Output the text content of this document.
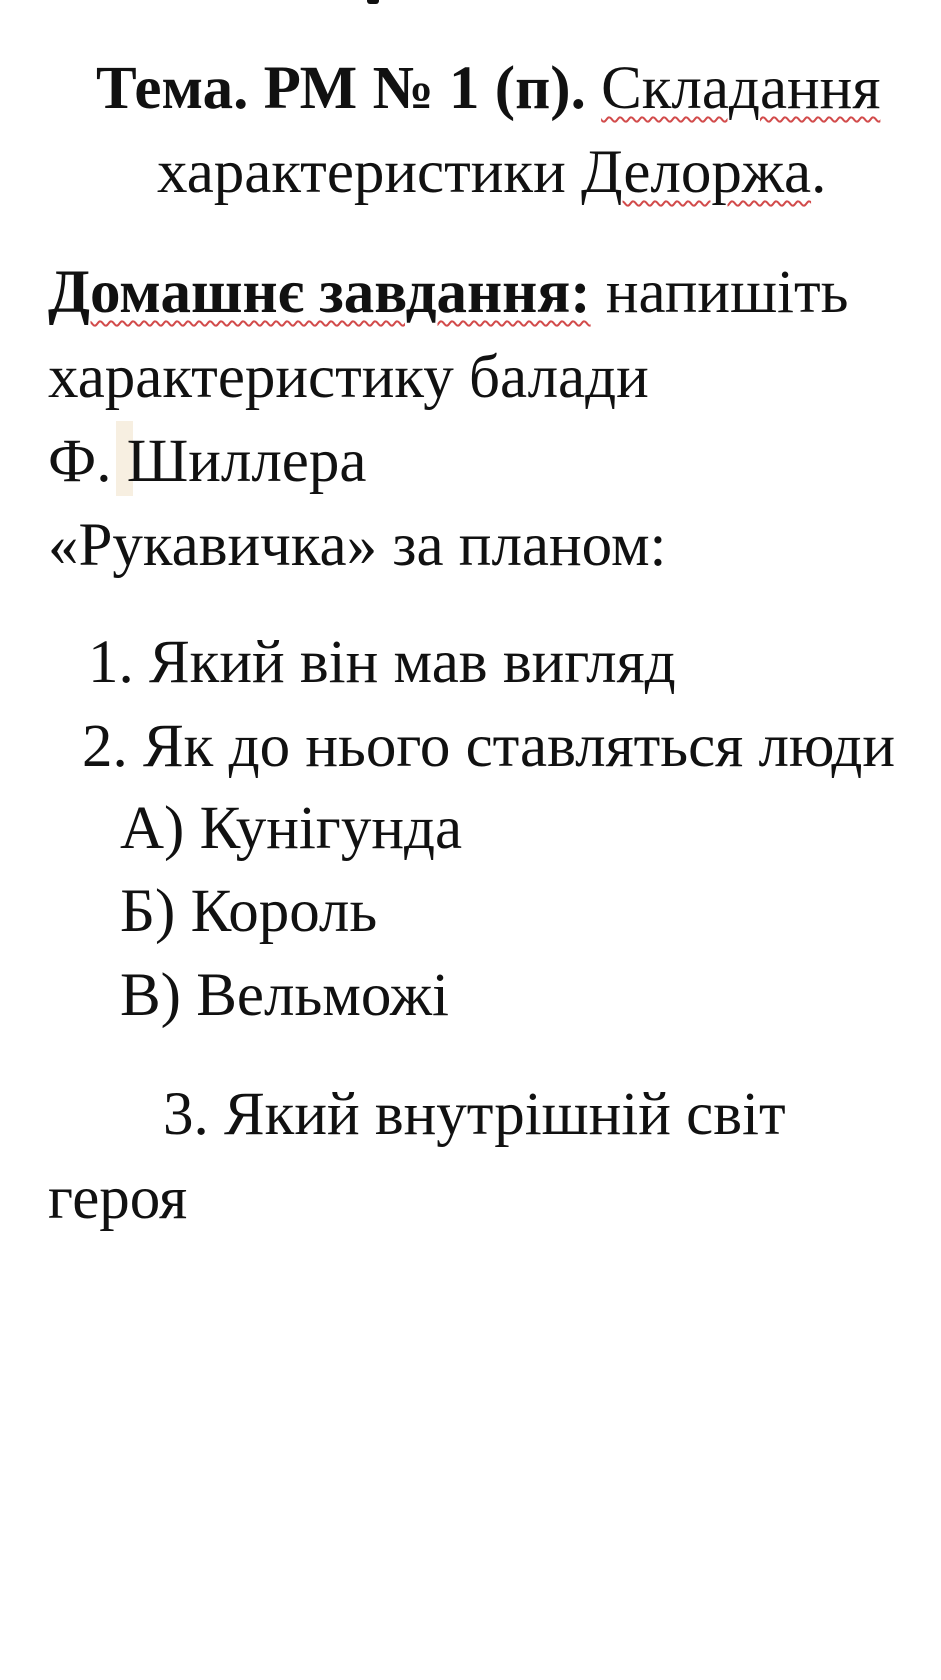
Тема. РМ № 1 (п). Складання
характеристики Делоржа.
Домашнє завдання: напишіть
характеристику балади
Ф. Шиллера
«Рукавичка» за планом:
1. Який він мав вигляд
2. Як до нього ставляться люди
А) Кунігунда
Б) Король
В) Вельможі
3. Який внутрішній світ
героя
